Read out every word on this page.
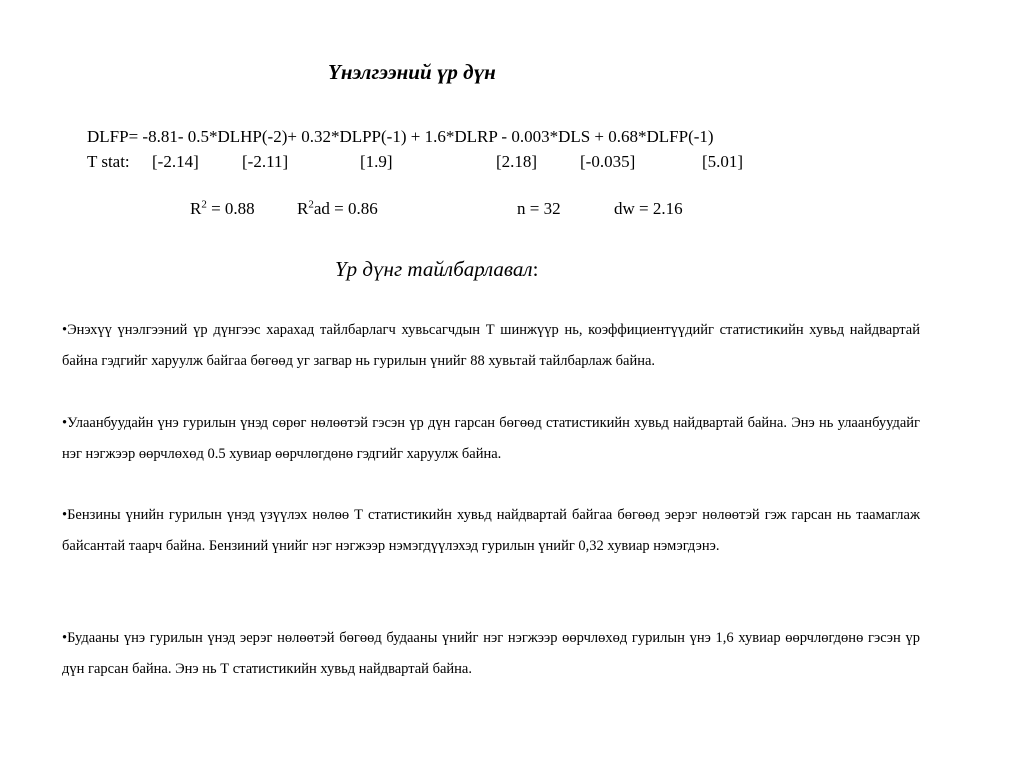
Үнэлгээний үр дүн
DLFP= -8.81- 0.5*DLHP(-2)+ 0.32*DLPP(-1) + 1.6*DLRP - 0.003*DLS + 0.68*DLFP(-1)
T stat: [-2.14]	[-2.11]	[1.9]	[2.18]	[-0.035]	[5.01]
$R^2 = 0.88$ $R^2ad = 0.86$	n = 32	dw = 2.16
Үр дүнг тайлбарлавал:
•Энэхүү үнэлгээний үр дүнгээс харахад тайлбарлагч хувьсагчдын Т шинжүүр нь, коэффициентүүдийг статистикийн хувьд найдвартай байна гэдгийг харуулж байгаа бөгөөд уг загвар нь гурилын үнийг 88 хувьтай тайлбарлаж байна.
•Улаанбуудайн үнэ гурилын үнэд сөрөг нөлөөтэй гэсэн үр дүн гарсан бөгөөд статистикийн хувьд найдвартай байна. Энэ нь улаанбуудайг нэг нэгжээр өөрчлөхөд 0.5 хувиар өөрчлөгдөнө гэдгийг харуулж байна.
•Бензины үнийн гурилын үнэд үзүүлэх нөлөө Т статистикийн хувьд найдвартай байгаа бөгөөд эерэг нөлөөтэй гэж гарсан нь таамаглаж байсантай таарч байна. Бензиний үнийг нэг нэгжээр нэмэгдүүлэхэд гурилын үнийг 0,32 хувиар нэмэгдэнэ.
•Будааны үнэ гурилын үнэд эерэг нөлөөтэй бөгөөд будааны үнийг нэг нэгжээр өөрчлөхөд гурилын үнэ 1,6 хувиар өөрчлөгдөнө гэсэн үр дүн гарсан байна. Энэ нь Т статистикийн хувьд найдвартай байна.
